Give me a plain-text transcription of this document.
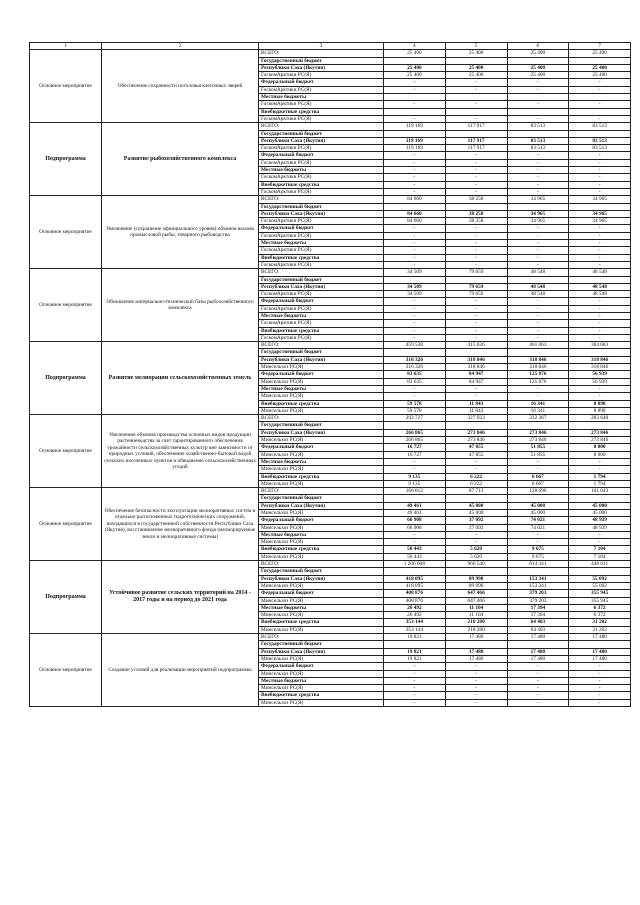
1	2	3	4	5	6	7
Основное мероприятие	Обеспечение сохранности поголовья клеточных зверей	ВСЕГО:	25 400	25 400	25 400	25 400
		Государственный бюджет				
		Республики Саха (Якутия)	25 400	25 400	25 400	25 400
		ГоскомАрктики РС(Я)	25 400	25 400	25 400	25 400
		Федеральный бюджет	-	-	-	-
		ГоскомАрктики РС(Я)	-	-	-	-
		Местные бюджеты				
		ГоскомАрктики РС(Я)	-	-	-	-
		Внебюджетные средства				
		ГоскомАрктики РС(Я)	-	-	-	-
Подпрограмма	Развитие рыбохозяйственного комплекса	ВСЕГО:	119 169	117 917	83 513	83 513
		Государственный бюджет				
		Республики Саха (Якутия)	119 169	117 917	83 513	83 513
		ГоскомАрктики РС(Я)	119 169	117 917	83 513	83 513
		Федеральный бюджет	-	-	-	-
		ГоскомАрктики РС(Я)	-	-	-	-
		Местные бюджеты	-	-	-	-
		ГоскомАрктики РС(Я)	-	-	-	-
		Внебюджетные средства	-	-	-	-
		ГоскомАрктики РС(Я)	-	-	-	-
Основное мероприятие	Увеличение (сохранение офиициального уровня) объемов вылова промысловой рыбы, товарного рыбоводства	ВСЕГО:	84 660	38 258	34 965	34 965
		Государственный бюджет				
		Республики Саха (Якутия)	84 660	38 258	34 965	34 965
		ГоскомАрктики РС(Я)	84 660	38 258	34 965	34 965
		Федеральный бюджет	-	-	-	-
		ГоскомАрктики РС(Я)	-	-	-	-
		Местные бюджеты	-	-	-	-
		ГоскомАрктики РС(Я)	-	-	-	-
		Внебюджетные средства	-	-	-	-
		ГоскомАрктики РС(Я)	-	-	-	-
Основное мероприятие	Обновление материально-технической базы рыбохозяйственного комплекса	ВСЕГО:	34 509	79 659	48 548	48 548
		Государственный бюджет				
		Республики Саха (Якутия)	34 509	79 659	48 548	48 548
		ГоскомАрктики РС(Я)	34 509	79 659	48 548	48 548
		Федеральный бюджет	-	-	-	-
		ГоскомАрктики РС(Я)	-	-	-	-
		Местные бюджеты	-	-	-	-
		ГоскомАрктики РС(Я)	-	-	-	-
		Внебюджетные средства	-	-	-	-
		ГоскомАрктики РС(Я)	-	-	-	-
Подпрограмма	Развитие мелиорации сельскохозяйственных земель	ВСЕГО:	459 538	415 636	461 063	384 683
		Государственный бюджет				
		Республики Саха (Якутия)	316 326	318 846	318 846	318 846
		Минсельхоз РС(Я)	316 326	318 846	318 846	318 846
		Федеральный бюджет	83 635	84 947	125 876	56 939
		Минсельхоз РС(Я)	83 635	84 947	125 876	56 939
		Местные бюджеты	-	-	-	-
		Минсельхоз РС(Я)	-	-	-	-
		Внебюджетные средства	59 578	11 843	16 341	8 898
		Минсельхоз РС(Я)	59 578	11 843	16 341	8 898
Основное мероприятие	Увеличение объемов производства основных видов продукции растениеводства за счет гарантированного обеспечения урожайности сельскохозяйственных культур вне зависимости от природных условий, обеспечение хозяйственно-бытовой водой сельских населенных пунктов и обводнение сельскохозяйственных угодий	ВСЕГО:	292 727	327 923	332 367	283 640
		Государственный бюджет				
		Республики Саха (Якутия)	266 865	273 846	273 846	273 846
		Минсельхоз РС(Я)	266 865	273 846	273 846	273 846
		Федеральный бюджет	16 727	47 855	51 855	8 000
		Минсельхоз РС(Я)	16 727	47 855	51 855	8 000
		Местные бюджеты	-	-	-	-
		Минсельхоз РС(Я)	-	-	-	-
		Внебюджетные средства	9 135	6 222	6 667	1 794
		Минсельхоз РС(Я)	9 135	6 222	6 667	1 794
Основное мероприятие	Обеспечение безопасности эксплуатации мелиоративных систем и отдельно расположенных гидротехнических сооружений, находящихся в государственной собственности Республики Саха (Якутия), восстановление мелиоративного фонда (мелиорируемые земли и мелиоративные системы)	ВСЕГО:	166 812	87 713	128 696	101 043
		Государственный бюджет				
		Республики Саха (Якутия)	49 461	45 000	45 000	45 000
		Минсельхоз РС(Я)	49 461	45 000	45 000	45 000
		Федеральный бюджет	66 908	37 092	74 021	48 939
		Минсельхоз РС(Я)	66 908	37 092	74 021	48 939
		Местные бюджеты	-	-	-	-
		Минсельхоз РС(Я)	-	-	-	-
		Внебюджетные средства	50 443	5 620	9 675	7 104
		Минсельхоз РС(Я)	50 443	5 620	9 675	7 104
Подпрограмма	Устойчивое развитие сельских территорий на 2014 - 2017 годы и на период до 2021 года	ВСЕГО:	1 206 608	966 540	614 341	448 611
		Государственный бюджет				
		Республики Саха (Якутия)	418 095	89 990	153 341	55 092
		Минсельхоз РС(Я)	418 095	89 990	153 341	55 092
		Федеральный бюджет	408 876	647 466	379 203	355 945
		Минсельхоз РС(Я)	408 876	647 466	379 203	355 945
		Местные бюджеты	26 492	11 104	17 394	6 372
		Минсельхоз РС(Я)	26 492	11 104	17 394	6 372
		Внебюджетные средства	353 144	218 280	64 403	31 202
		Минсельхоз РС(Я)	353 144	218 280	64 403	31 202
Основное мероприятие	Создание условий для реализации мероприятий подпрограммы	ВСЕГО:	19 821	17 480	17 480	17 480
		Государственный бюджет				
		Республики Саха (Якутия)	19 821	17 480	17 480	17 480
		Минсельхоз РС(Я)	19 821	17 480	17 480	17 480
		Федеральный бюджет	-	-	-	-
		Минсельхоз РС(Я)	-	-	-	-
		Местные бюджеты	-	-	-	-
		Минсельхоз РС(Я)	-	-	-	-
		Внебюджетные средства	-	-	-	-
		Минсельхоз РС(Я)	-	-	-	-
